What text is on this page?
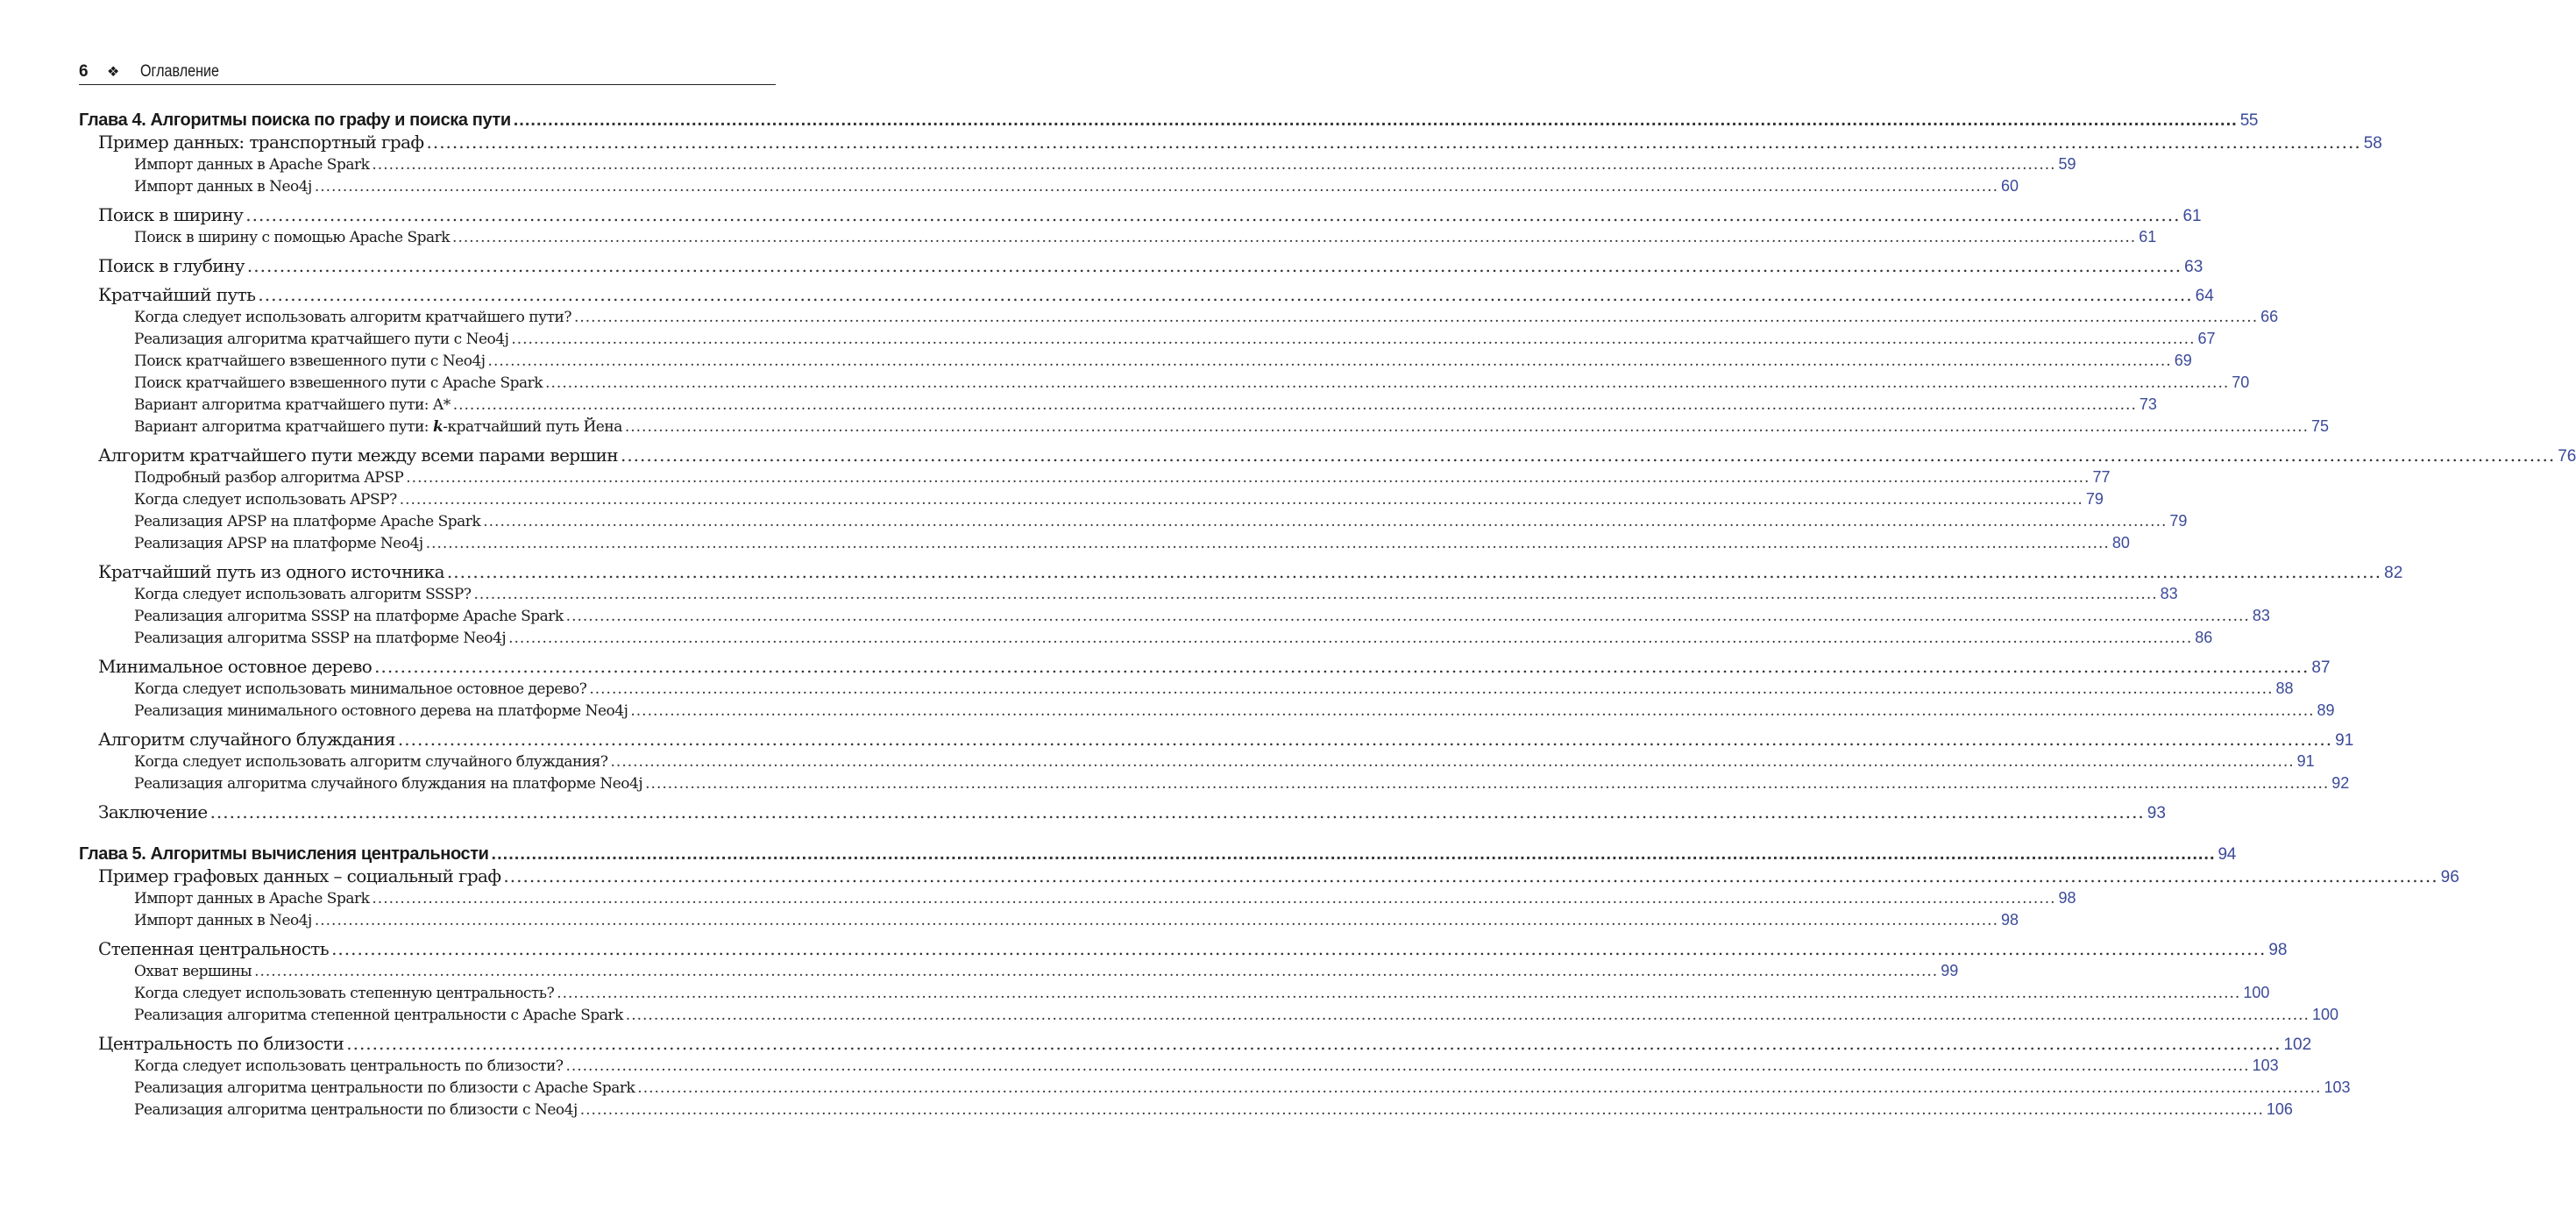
6	❖	Оглавление
Глава 4. Алгоритмы поиска по графу и поиска пути ............................................................................................................................................................................................................................................................................................................ 55
Пример данных: транспортный граф ............................................................................................................................................................................................................................................................................................................ 58
Импорт данных в Apache Spark ............................................................................................................................................................................................................................................................................................................ 59
Импорт данных в Neo4j ............................................................................................................................................................................................................................................................................................................ 60
Поиск в ширину ............................................................................................................................................................................................................................................................................................................ 61
Поиск в ширину с помощью Apache Spark ............................................................................................................................................................................................................................................................................................................ 61
Поиск в глубину ............................................................................................................................................................................................................................................................................................................ 63
Кратчайший путь ............................................................................................................................................................................................................................................................................................................ 64
Когда следует использовать алгоритм кратчайшего пути? ............................................................................................................................................................................................................................................................................................................ 66
Реализация алгоритма кратчайшего пути с Neo4j ............................................................................................................................................................................................................................................................................................................ 67
Поиск кратчайшего взвешенного пути с Neo4j ............................................................................................................................................................................................................................................................................................................ 69
Поиск кратчайшего взвешенного пути с Apache Spark ............................................................................................................................................................................................................................................................................................................ 70
Вариант алгоритма кратчайшего пути: A* ............................................................................................................................................................................................................................................................................................................ 73
Вариант алгоритма кратчайшего пути: k-кратчайший путь Йена ............................................................................................................................................................................................................................................................................................................ 75
Алгоритм кратчайшего пути между всеми парами вершин ............................................................................................................................................................................................................................................................................................................ 76
Подробный разбор алгоритма APSP ............................................................................................................................................................................................................................................................................................................ 77
Когда следует использовать APSP? ............................................................................................................................................................................................................................................................................................................ 79
Реализация APSP на платформе Apache Spark ............................................................................................................................................................................................................................................................................................................ 79
Реализация APSP на платформе Neo4j ............................................................................................................................................................................................................................................................................................................ 80
Кратчайший путь из одного источника ............................................................................................................................................................................................................................................................................................................ 82
Когда следует использовать алгоритм SSSP? ............................................................................................................................................................................................................................................................................................................ 83
Реализация алгоритма SSSP на платформе Apache Spark ............................................................................................................................................................................................................................................................................................................ 83
Реализация алгоритма SSSP на платформе Neo4j ............................................................................................................................................................................................................................................................................................................ 86
Минимальное остовное дерево ............................................................................................................................................................................................................................................................................................................ 87
Когда следует использовать минимальное остовное дерево? ............................................................................................................................................................................................................................................................................................................ 88
Реализация минимального остовного дерева на платформе Neo4j ............................................................................................................................................................................................................................................................................................................ 89
Алгоритм случайного блуждания ............................................................................................................................................................................................................................................................................................................ 91
Когда следует использовать алгоритм случайного блуждания? ............................................................................................................................................................................................................................................................................................................ 91
Реализация алгоритма случайного блуждания на платформе Neo4j ............................................................................................................................................................................................................................................................................................................ 92
Заключение ............................................................................................................................................................................................................................................................................................................ 93
Глава 5. Алгоритмы вычисления центральности ............................................................................................................................................................................................................................................................................................................ 94
Пример графовых данных – социальный граф ............................................................................................................................................................................................................................................................................................................ 96
Импорт данных в Apache Spark ............................................................................................................................................................................................................................................................................................................ 98
Импорт данных в Neo4j ............................................................................................................................................................................................................................................................................................................ 98
Степенная центральность ............................................................................................................................................................................................................................................................................................................ 98
Охват вершины ............................................................................................................................................................................................................................................................................................................ 99
Когда следует использовать степенную центральность? ............................................................................................................................................................................................................................................................................................................ 100
Реализация алгоритма степенной центральности с Apache Spark ............................................................................................................................................................................................................................................................................................................ 100
Центральность по близости ............................................................................................................................................................................................................................................................................................................ 102
Когда следует использовать центральность по близости? ............................................................................................................................................................................................................................................................................................................ 103
Реализация алгоритма центральности по близости с Apache Spark ............................................................................................................................................................................................................................................................................................................ 103
Реализация алгоритма центральности по близости с Neo4j ............................................................................................................................................................................................................................................................................................................ 106
